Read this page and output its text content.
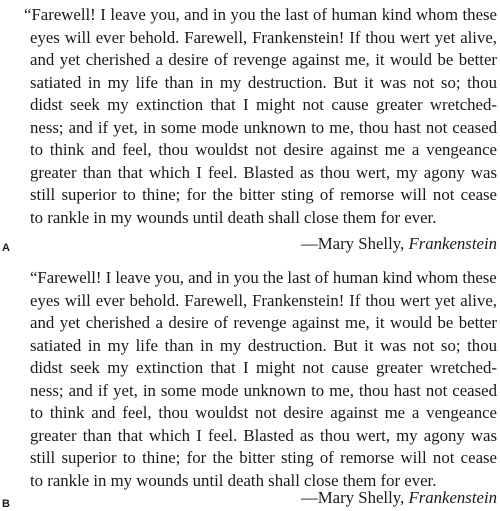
“Farewell! I leave you, and in you the last of human kind whom these
eyes will ever behold. Farewell, Frankenstein! If thou wert yet alive,
and yet cherished a desire of revenge against me, it would be better
satiated in my life than in my destruction. But it was not so; thou
didst seek my extinction that I might not cause greater wretched-
ness; and if yet, in some mode unknown to me, thou hast not ceased
to think and feel, thou wouldst not desire against me a vengeance
greater than that which I feel. Blasted as thou wert, my agony was
still superior to thine; for the bitter sting of remorse will not cease
to rankle in my wounds until death shall close them for ever.
—Mary Shelly, Frankenstein
A
“Farewell! I leave you, and in you the last of human kind whom these
eyes will ever behold. Farewell, Frankenstein! If thou wert yet alive,
and yet cherished a desire of revenge against me, it would be better
satiated in my life than in my destruction. But it was not so; thou
didst seek my extinction that I might not cause greater wretched-
ness; and if yet, in some mode unknown to me, thou hast not ceased
to think and feel, thou wouldst not desire against me a vengeance
greater than that which I feel. Blasted as thou wert, my agony was
still superior to thine; for the bitter sting of remorse will not cease
to rankle in my wounds until death shall close them for ever.
—Mary Shelly, Frankenstein
B
